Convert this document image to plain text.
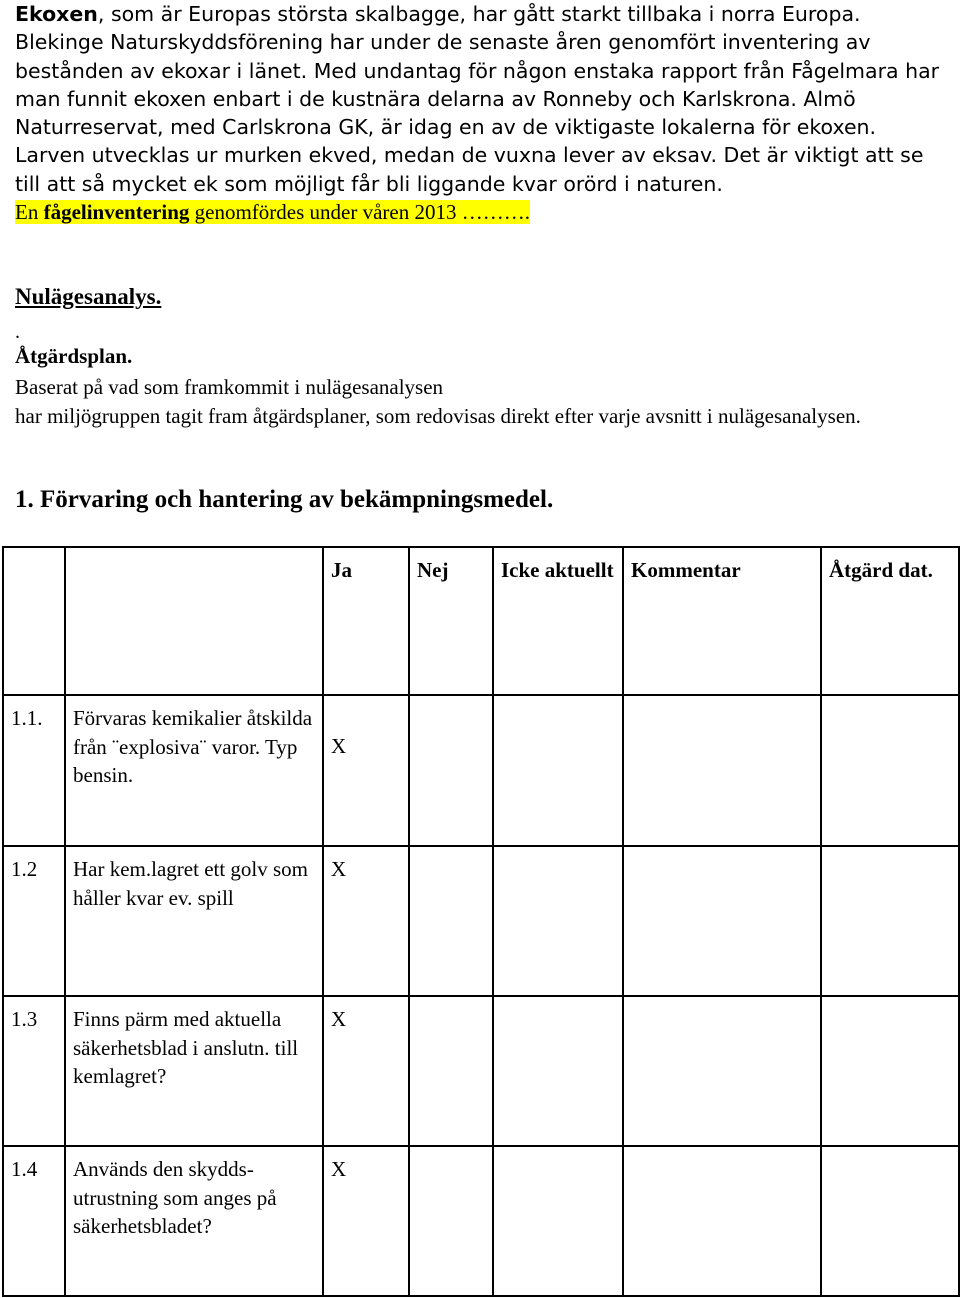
Ekoxen, som är Europas största skalbagge, har gått starkt tillbaka i norra Europa. Blekinge Naturskyddsförening har under de senaste åren genomfört inventering av bestånden av ekoxar i länet. Med undantag för någon enstaka rapport från Fågelmara har man funnit ekoxen enbart i de kustnära delarna av Ronneby och Karlskrona. Almö Naturreservat, med Carlskrona GK, är idag en av de viktigaste lokalerna för ekoxen. Larven utvecklas ur murken ekved, medan de vuxna lever av eksav. Det är viktigt att se till att så mycket ek som möjligt får bli liggande kvar orörd i naturen.

En fågelinventering genomfördes under våren 2013 ……….

Nulägesanalys.
.
Åtgärdsplan.
Baserat på vad som framkommit i nulägesanalysen
har miljögruppen tagit fram åtgärdsplaner, som redovisas direkt efter varje avsnitt i nulägesanalysen.
1. Förvaring och hantering av bekämpningsmedel.
		Ja	Nej	Icke aktuellt	Kommentar	Åtgärd dat.
1.1.	Förvaras kemikalier åtskilda från ¨explosiva¨ varor. Typ bensin.	X				

1.2	Har kem.lagret ett golv som håller kvar ev. spill	X				
1.3	Finns pärm med aktuella säkerhetsblad i anslutn. till kemlagret?	X				
1.4	Används den skydds-utrustning som anges på säkerhetsbladet?	X				
